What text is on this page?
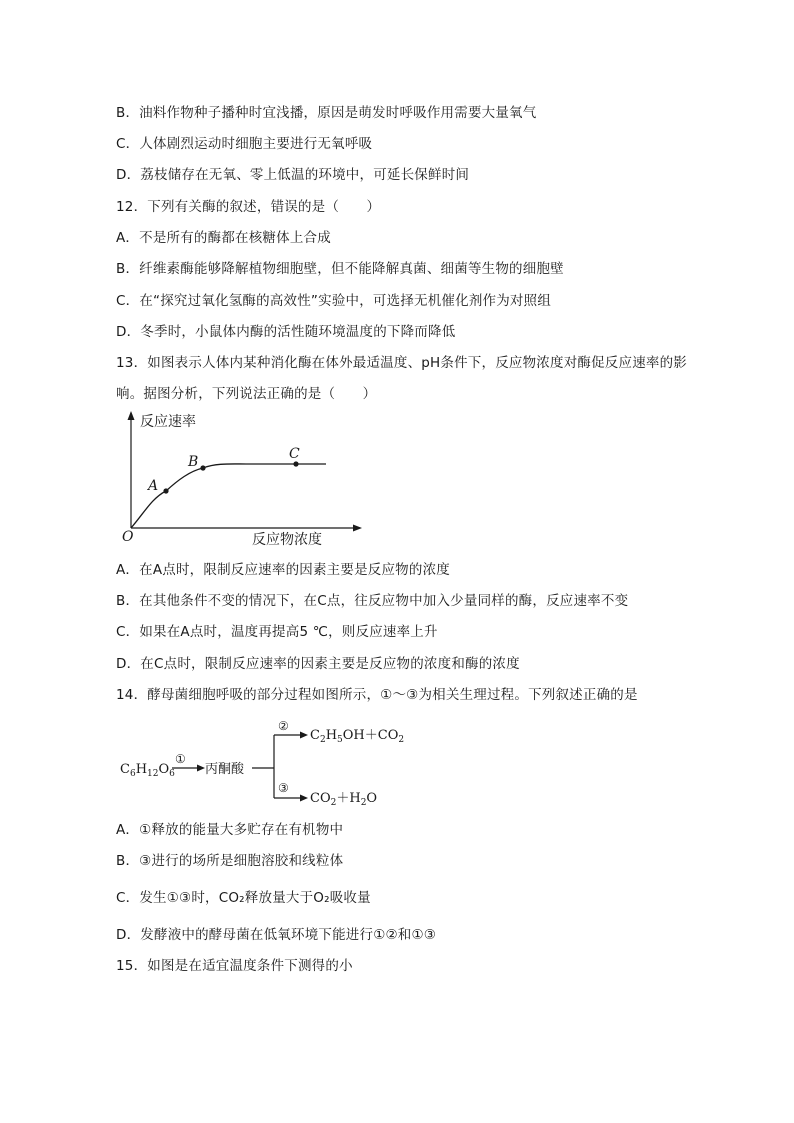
B．油料作物种子播种时宜浅播，原因是萌发时呼吸作用需要大量氧气
C．人体剧烈运动时细胞主要进行无氧呼吸
D．荔枝储存在无氧、零上低温的环境中，可延长保鲜时间
12．下列有关酶的叙述，错误的是（　　）
A．不是所有的酶都在核糖体上合成
B．纤维素酶能够降解植物细胞壁，但不能降解真菌、细菌等生物的细胞壁
C．在“探究过氧化氢酶的高效性”实验中，可选择无机催化剂作为对照组
D．冬季时，小鼠体内酶的活性随环境温度的下降而降低
13．如图表示人体内某种消化酶在体外最适温度、pH条件下，反应物浓度对酶促反应速率的影
响。据图分析，下列说法正确的是（　　）
A
B	C
O
反应速率
反应物浓度
A．在A点时，限制反应速率的因素主要是反应物的浓度
B．在其他条件不变的情况下，在C点，往反应物中加入少量同样的酶，反应速率不变
C．如果在A点时，温度再提高5 ℃，则反应速率上升
D．在C点时，限制反应速率的因素主要是反应物的浓度和酶的浓度
14．酵母菌细胞呼吸的部分过程如图所示，①～③为相关生理过程。下列叙述正确的是
$C_6H_{12}O_6$
①
丙酮酸
②
$C_2H_5OH+CO_2$
③
$CO_2+H_2O$
A．①释放的能量大多贮存在有机物中
B．③进行的场所是细胞溶胶和线粒体
C．发生①③时，CO₂释放量大于O₂吸收量
D．发酵液中的酵母菌在低氧环境下能进行①②和①③
15．如图是在适宜温度条件下测得的小
